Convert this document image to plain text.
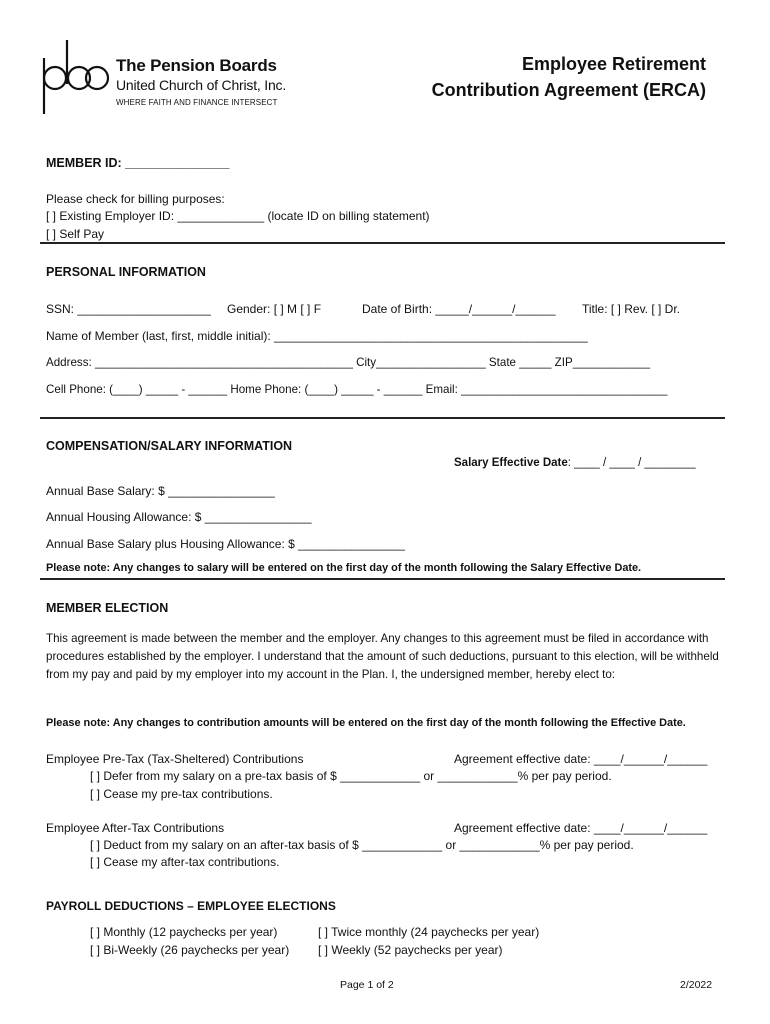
The Pension Boards
United Church of Christ, Inc.
WHERE FAITH AND FINANCE INTERSECT
Employee Retirement
Contribution Agreement (ERCA)
MEMBER ID: _______________
Please check for billing purposes:
[ ] Existing Employer ID: _____________ (locate ID on billing statement)
[ ] Self Pay
PERSONAL INFORMATION
SSN: ____________________ Gender: [ ] M [ ] F	Date of Birth: _____/______/______ Title: [ ] Rev. [ ] Dr.
Name of Member (last, first, middle initial): _______________________________________________
Address: ________________________________________ City_________________ State _____ ZIP____________
Cell Phone: (____) _____ - ______ Home Phone: (____) _____ - ______ Email: ________________________________
COMPENSATION/SALARY INFORMATION
Salary Effective Date: ____ / ____ / ________
Annual Base Salary: $ ________________
Annual Housing Allowance: $ ________________
Annual Base Salary plus Housing Allowance: $ ________________
Please note: Any changes to salary will be entered on the first day of the month following the Salary Effective Date.
MEMBER ELECTION
This agreement is made between the member and the employer. Any changes to this agreement must be filed in accordance with procedures established by the employer. I understand that the amount of such deductions, pursuant to this election, will be withheld from my pay and paid by my employer into my account in the Plan. I, the undersigned member, hereby elect to:
Please note: Any changes to contribution amounts will be entered on the first day of the month following the Effective Date.
Employee Pre-Tax (Tax-Sheltered) Contributions	Agreement effective date: ____/______/______
[ ] Defer from my salary on a pre-tax basis of $ ____________ or ____________% per pay period.
[ ] Cease my pre-tax contributions.
Employee After-Tax Contributions	Agreement effective date: ____/______/______
[ ] Deduct from my salary on an after-tax basis of $ ____________ or ____________% per pay period.
[ ] Cease my after-tax contributions.
PAYROLL DEDUCTIONS – EMPLOYEE ELECTIONS
[ ] Monthly (12 paychecks per year)	[ ] Twice monthly (24 paychecks per year)
[ ] Bi-Weekly (26 paychecks per year) [ ] Weekly (52 paychecks per year)
Page 1 of 2	2/2022
